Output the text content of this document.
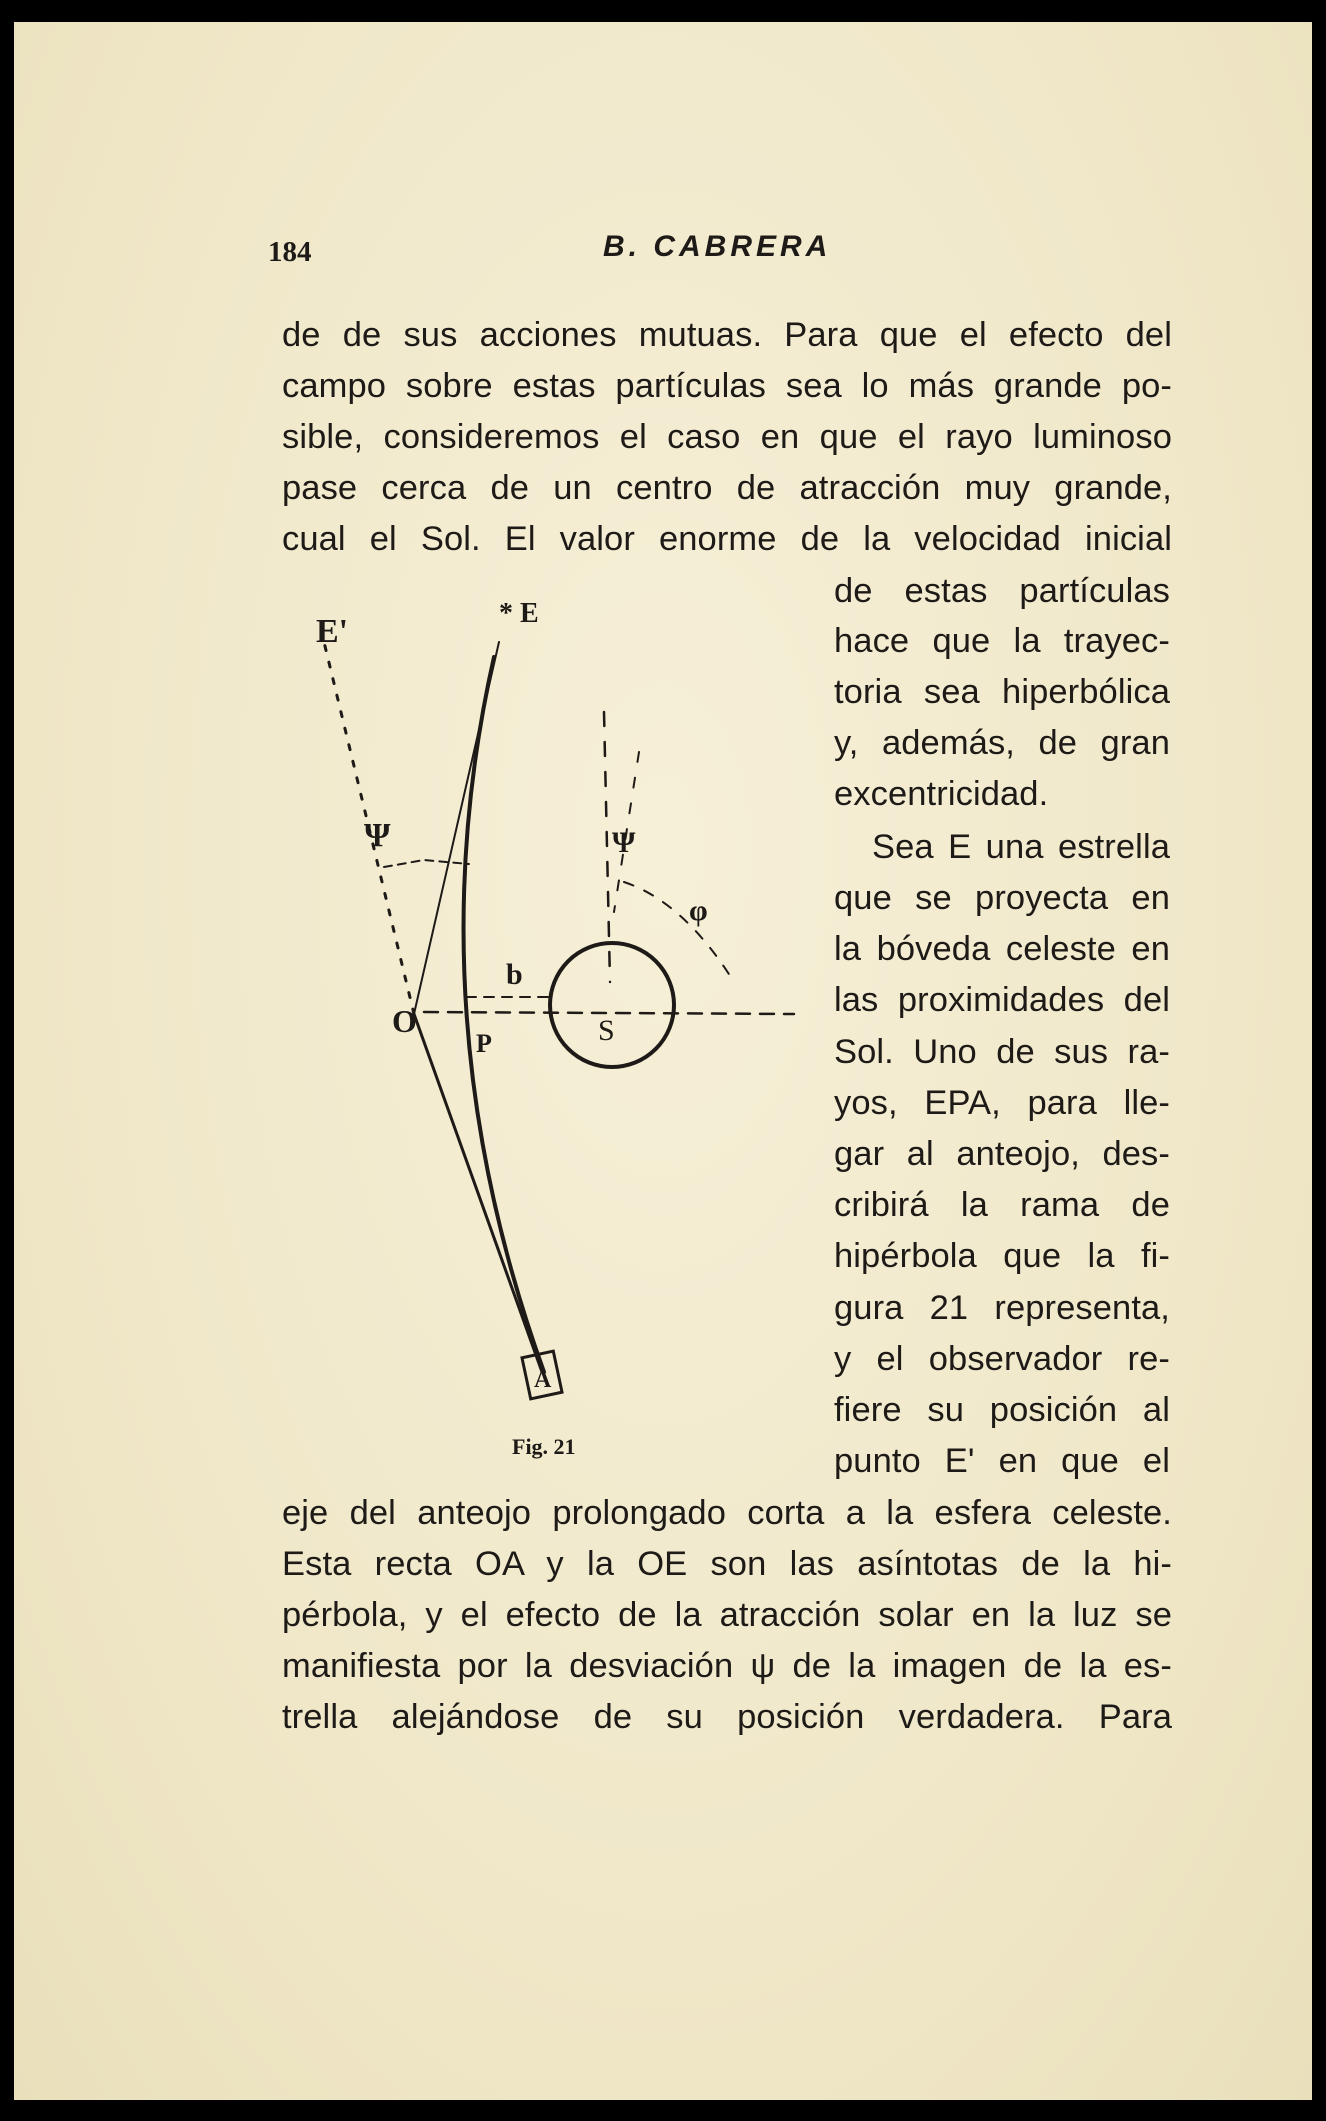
184	B. CABRERA
de de sus acciones mutuas. Para que el efecto del
campo sobre estas partículas sea lo más grande po-
sible, consideremos el caso en que el rayo luminoso
pase cerca de un centro de atracción muy grande,
cual el Sol. El valor enorme de la velocidad inicial
de estas partículas
hace que la trayec-
toria sea hiperbólica
y, además, de gran
excentricidad.
Sea E una estrella
que se proyecta en
la bóveda celeste en
las proximidades del
Sol. Uno de sus ra-
yos, EPA, para lle-
gar al anteojo, des-
cribirá la rama de
hipérbola que la fi-
gura 21 representa,
y el observador re-
fiere su posición al
punto E' en que el
eje del anteojo prolongado corta a la esfera celeste.
Esta recta OA y la OE son las asíntotas de la hi-
pérbola, y el efecto de la atracción solar en la luz se
manifiesta por la desviación ψ de la imagen de la es-
trella alejándose de su posición verdadera. Para
E'	* E
Ψ	Ψ
φ
O
P	S
b
A
Fig. 21
